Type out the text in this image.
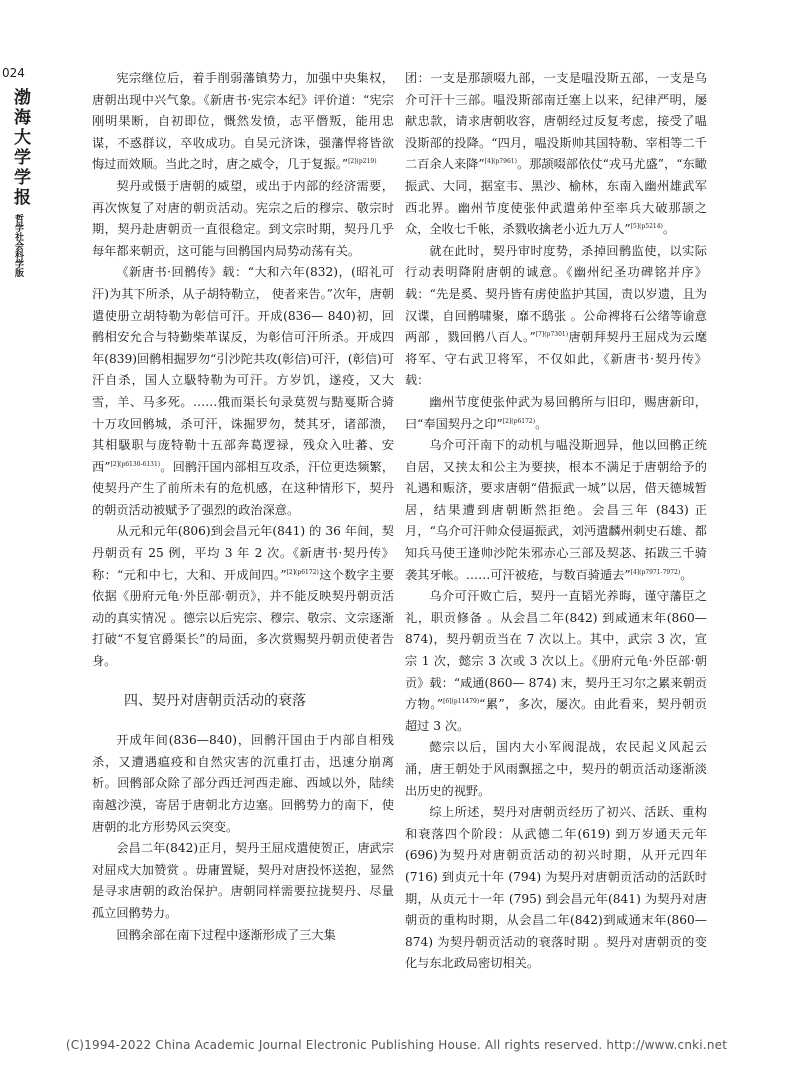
024
渤海大学学报
哲学社会科学版

宪宗继位后，着手削弱藩镇势力，加强中央集权，唐朝出现中兴气象。《新唐书·宪宗本纪》评价道：“宪宗刚明果断，自初即位，慨然发愤，志平僭叛，能用忠谋，不惑群议，卒收成功。自吴元济诛，强藩悍将皆欲悔过而效顺。当此之时，唐之威令，几于复振。”$^{[2](p219)}$

契丹或慑于唐朝的威望，或出于内部的经济需要，再次恢复了对唐的朝贡活动。宪宗之后的穆宗、敬宗时期，契丹赴唐朝贡一直很稳定。到文宗时期，契丹几乎每年都来朝贡，这可能与回鹘国内局势动荡有关。

《新唐书·回鹘传》载：“大和六年(832)，(昭礼可汗)为其下所杀，从子胡特勒立， 使者来告。”次年，唐朝遣使册立胡特勒为彰信可汗。开成(836— 840)初，回鹘相安允合与特勤柴革谋反，为彰信可汗所杀。开成四年(839)回鹘相掘罗勿“引沙陀共攻(彰信)可汗，(彰信)可汗自杀，国人立馺特勒为可汗。方岁饥，遂疫，又大雪，羊、马多死。……俄而渠长句录莫贺与黠戛斯合骑十万攻回鹘城，杀可汗，诛掘罗勿，焚其牙，诸部溃，其相馺职与庞特勒十五部奔葛逻禄，残众入吐蕃、安西”$^{[2](p6130-6131)}$。回鹘汗国内部相互攻杀，汗位更迭频繁，使契丹产生了前所未有的危机感，在这种情形下，契丹的朝贡活动被赋予了强烈的政治深意。

从元和元年(806)到会昌元年(841) 的 36 年间，契丹朝贡有 25 例，平均 3 年 2 次。《新唐书·契丹传》称：“元和中七，大和、开成间四。”$^{[2](p6172)}$这个数字主要依据《册府元龟·外臣部·朝贡》，并不能反映契丹朝贡活动的真实情况 。德宗以后宪宗、穆宗、敬宗、文宗逐渐打破“不复官爵渠长”的局面，多次赏赐契丹朝贡使者告身。

四、契丹对唐朝贡活动的衰落

开成年间(836—840)，回鹘汗国由于内部自相残杀，又遭遇瘟疫和自然灾害的沉重打击，迅速分崩离析。回鹘部众除了部分西迁河西走廊、西域以外，陆续南越沙漠，寄居于唐朝北方边塞。回鹘势力的南下，使唐朝的北方形势风云突变。

会昌二年(842)正月，契丹王屈戍遣使贺正，唐武宗对屈戍大加赞赏 。毋庸置疑，契丹对唐投怀送抱，显然是寻求唐朝的政治保护。唐朝同样需要拉拢契丹、尽量孤立回鹘势力。

回鹘余部在南下过程中逐渐形成了三大集

团：一支是那颉啜九部，一支是嗢没斯五部，一支是乌介可汗十三部。嗢没斯部南迁塞上以来，纪律严明，屡献忠款，请求唐朝收容，唐朝经过反复考虑，接受了嗢没斯部的投降。“四月，嗢没斯帅其国特勒、宰相等二千二百余人来降”$^{[4](p7961)}$。那颉啜部依仗“戎马尤盛”，“东瞰振武、大同，据室韦、黑沙、榆林，东南入幽州雄武军西北界。幽州节度使张仲武遣弟仲至率兵大破那颉之众，全收七千帐，杀戮收擒老小近九万人”$^{[5](p5214)}$。

就在此时，契丹审时度势，杀掉回鹘监使，以实际行动表明降附唐朝的诚意。《幽州纪圣功碑铭并序》载：“先是奚、契丹皆有虏使监护其国，责以岁遗，且为汉谍，自回鹘啸聚，靡不鸱张 。公命裨将石公绪等谕意两部 ，戮回鹘八百人。”$^{[7](p7301)}$唐朝拜契丹王屈戍为云麾将军、守右武卫将军，不仅如此，《新唐书·契丹传》载：

幽州节度使张仲武为易回鹘所与旧印，赐唐新印，曰“奉国契丹之印”$^{[2](p6172)}$。

乌介可汗南下的动机与嗢没斯迥异，他以回鹘正统自居，又挟太和公主为要挟，根本不满足于唐朝给予的礼遇和赈济，要求唐朝“借振武一城”以居，借天德城暂居，结果遭到唐朝断然拒绝。会昌三年 (843) 正月，“乌介可汗帅众侵逼振武，刘沔遣麟州刺史石雄、都知兵马使王逢帅沙陀朱邪赤心三部及契苾、拓跋三千骑袭其牙帐。……可汗被疮，与数百骑遁去”$^{[4](p7971-7972)}$。

乌介可汗败亡后，契丹一直韬光养晦，谨守藩臣之礼，职贡修备 。从会昌二年(842) 到咸通末年(860—874)，契丹朝贡当在 7 次以上。其中，武宗 3 次，宣宗 1 次，懿宗 3 次或 3 次以上。《册府元龟·外臣部·朝贡》载：“咸通(860— 874) 末，契丹王习尔之累来朝贡方物。”$^{[6](p11479)}$“累”，多次，屡次。由此看来，契丹朝贡超过 3 次。

懿宗以后，国内大小军阀混战，农民起义风起云涌，唐王朝处于风雨飘摇之中，契丹的朝贡活动逐渐淡出历史的视野。

综上所述，契丹对唐朝贡经历了初兴、活跃、重构和衰落四个阶段：从武德二年(619) 到万岁通天元年(696)为契丹对唐朝贡活动的初兴时期，从开元四年(716) 到贞元十年 (794) 为契丹对唐朝贡活动的活跃时期，从贞元十一年 (795) 到会昌元年(841) 为契丹对唐朝贡的重构时期，从会昌二年(842)到咸通末年(860— 874) 为契丹朝贡活动的衰落时期 。契丹对唐朝贡的变化与东北政局密切相关。

(C)1994-2022 China Academic Journal Electronic Publishing House. All rights reserved. http://www.cnki.net
